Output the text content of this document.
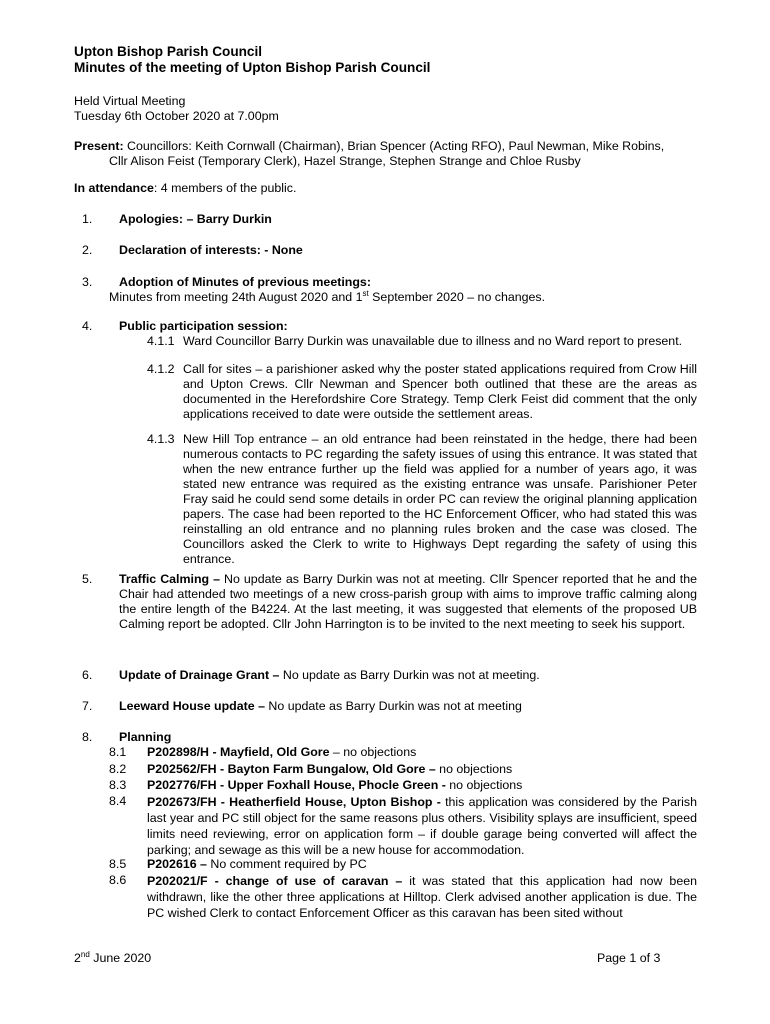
Upton Bishop Parish Council
Minutes of the meeting of Upton Bishop Parish Council
Held Virtual Meeting
Tuesday 6th October 2020 at 7.00pm
Present: Councillors: Keith Cornwall (Chairman), Brian Spencer (Acting RFO), Paul Newman, Mike Robins,
Cllr Alison Feist (Temporary Clerk), Hazel Strange, Stephen Strange and Chloe Rusby
In attendance: 4 members of the public.
1. Apologies: – Barry Durkin
2. Declaration of interests: - None
3. Adoption of Minutes of previous meetings:
Minutes from meeting 24th August 2020 and 1st September 2020 – no changes.
4. Public participation session:
4.1.1 Ward Councillor Barry Durkin was unavailable due to illness and no Ward report to present.
4.1.2 Call for sites – a parishioner asked why the poster stated applications required from Crow Hill and Upton Crews. Cllr Newman and Spencer both outlined that these are the areas as documented in the Herefordshire Core Strategy. Temp Clerk Feist did comment that the only applications received to date were outside the settlement areas.
4.1.3 New Hill Top entrance – an old entrance had been reinstated in the hedge, there had been numerous contacts to PC regarding the safety issues of using this entrance. It was stated that when the new entrance further up the field was applied for a number of years ago, it was stated new entrance was required as the existing entrance was unsafe. Parishioner Peter Fray said he could send some details in order PC can review the original planning application papers. The case had been reported to the HC Enforcement Officer, who had stated this was reinstalling an old entrance and no planning rules broken and the case was closed. The Councillors asked the Clerk to write to Highways Dept regarding the safety of using this entrance.
5. Traffic Calming – No update as Barry Durkin was not at meeting. Cllr Spencer reported that he and the Chair had attended two meetings of a new cross-parish group with aims to improve traffic calming along the entire length of the B4224. At the last meeting, it was suggested that elements of the proposed UB Calming report be adopted. Cllr John Harrington is to be invited to the next meeting to seek his support.
6. Update of Drainage Grant – No update as Barry Durkin was not at meeting.
7. Leeward House update – No update as Barry Durkin was not at meeting
8. Planning
8.1 P202898/H - Mayfield, Old Gore – no objections
8.2 P202562/FH - Bayton Farm Bungalow, Old Gore – no objections
8.3 P202776/FH - Upper Foxhall House, Phocle Green - no objections
8.4 P202673/FH - Heatherfield House, Upton Bishop - this application was considered by the Parish last year and PC still object for the same reasons plus others. Visibility splays are insufficient, speed limits need reviewing, error on application form – if double garage being converted will affect the parking; and sewage as this will be a new house for accommodation.
8.5 P202616 – No comment required by PC
8.6 P202021/F - change of use of caravan – it was stated that this application had now been withdrawn, like the other three applications at Hilltop. Clerk advised another application is due. The PC wished Clerk to contact Enforcement Officer as this caravan has been sited without
2nd June 2020	Page 1 of 3
